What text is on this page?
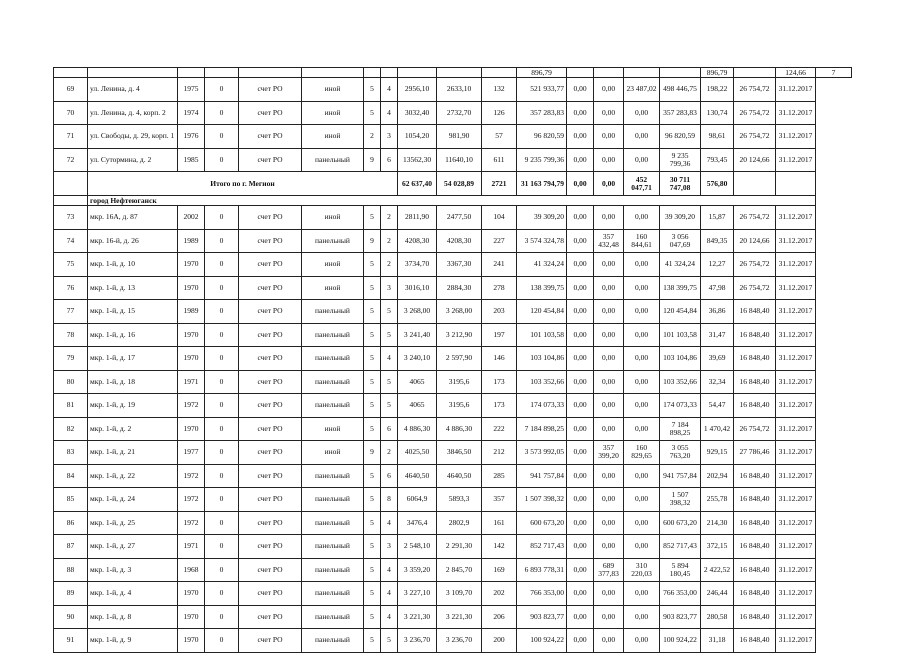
											896,79					896,79		124,66	7
69	ул. Ленина, д. 4	1975	0	счет РО	иной	5	4	2956,10	2633,10	132	521 933,77	0,00	0,00	23 487,02	498 446,75	198,22	26 754,72	31.12.2017	
70	ул. Ленина, д. 4, корп. 2	1974	0	счет РО	иной	5	4	3032,40	2732,70	126	357 283,83	0,00	0,00	0,00	357 283,83	130,74	26 754,72	31.12.2017	
71	ул. Свободы, д. 29, корп. 1	1976	0	счет РО	иной	2	3	1054,20	981,90	57	96 820,59	0,00	0,00	0,00	96 820,59	98,61	26 754,72	31.12.2017	
72	ул. Сутормина, д. 2	1985	0	счет РО	панельный	9	6	13562,30	11640,10	611	9 235 799,36	0,00	0,00	0,00	9 235 799,36	793,45	20 124,66	31.12.2017	
	Итого по г. Мегион							62 637,40	54 028,89	2721	31 163 794,79	0,00	0,00	452 047,71	30 711 747,08	576,80			
	город Нефтеюганск																		
73	мкр. 16А, д. 87	2002	0	счет РО	иной	5	2	2811,90	2477,50	104	39 309,20	0,00	0,00	0,00	39 309,20	15,87	26 754,72	31.12.2017	
74	мкр. 16-й, д. 26	1989	0	счет РО	панельный	9	2	4208,30	4208,30	227	3 574 324,78	0,00	357 432,48	160 844,61	3 056 047,69	849,35	20 124,66	31.12.2017	
75	мкр. 1-й, д. 10	1970	0	счет РО	иной	5	2	3734,70	3367,30	241	41 324,24	0,00	0,00	0,00	41 324,24	12,27	26 754,72	31.12.2017	
76	мкр. 1-й, д. 13	1970	0	счет РО	иной	5	3	3016,10	2884,30	278	138 399,75	0,00	0,00	0,00	138 399,75	47,98	26 754,72	31.12.2017	
77	мкр. 1-й, д. 15	1989	0	счет РО	панельный	5	5	3 268,00	3 268,00	203	120 454,84	0,00	0,00	0,00	120 454,84	36,86	16 848,40	31.12.2017	
78	мкр. 1-й, д. 16	1970	0	счет РО	панельный	5	5	3 241,40	3 212,90	197	101 103,58	0,00	0,00	0,00	101 103,58	31,47	16 848,40	31.12.2017	
79	мкр. 1-й, д. 17	1970	0	счет РО	панельный	5	4	3 240,10	2 597,90	146	103 104,86	0,00	0,00	0,00	103 104,86	39,69	16 848,40	31.12.2017	
80	мкр. 1-й, д. 18	1971	0	счет РО	панельный	5	5	4065	3195,6	173	103 352,66	0,00	0,00	0,00	103 352,66	32,34	16 848,40	31.12.2017	
81	мкр. 1-й, д. 19	1972	0	счет РО	панельный	5	5	4065	3195,6	173	174 073,33	0,00	0,00	0,00	174 073,33	54,47	16 848,40	31.12.2017	
82	мкр. 1-й, д. 2	1970	0	счет РО	иной	5	6	4 886,30	4 886,30	222	7 184 898,25	0,00	0,00	0,00	7 184 898,25	1 470,42	26 754,72	31.12.2017	
83	мкр. 1-й, д. 21	1977	0	счет РО	иной	9	2	4025,50	3846,50	212	3 573 992,05	0,00	357 399,20	160 829,65	3 055 763,20	929,15	27 786,46	31.12.2017	
84	мкр. 1-й, д. 22	1972	0	счет РО	панельный	5	6	4640,50	4640,50	285	941 757,84	0,00	0,00	0,00	941 757,84	202,94	16 848,40	31.12.2017	
85	мкр. 1-й, д. 24	1972	0	счет РО	панельный	5	8	6064,9	5893,3	357	1 507 398,32	0,00	0,00	0,00	1 507 398,32	255,78	16 848,40	31.12.2017	
86	мкр. 1-й, д. 25	1972	0	счет РО	панельный	5	4	3476,4	2802,9	161	600 673,20	0,00	0,00	0,00	600 673,20	214,30	16 848,40	31.12.2017	
87	мкр. 1-й, д. 27	1971	0	счет РО	панельный	5	3	2 548,10	2 291,30	142	852 717,43	0,00	0,00	0,00	852 717,43	372,15	16 848,40	31.12.2017	
88	мкр. 1-й, д. 3	1968	0	счет РО	панельный	5	4	3 359,20	2 845,70	169	6 893 778,31	0,00	689 377,83	310 220,03	5 894 180,45	2 422,52	16 848,40	31.12.2017	
89	мкр. 1-й, д. 4	1970	0	счет РО	панельный	5	4	3 227,10	3 109,70	202	766 353,00	0,00	0,00	0,00	766 353,00	246,44	16 848,40	31.12.2017	
90	мкр. 1-й, д. 8	1970	0	счет РО	панельный	5	4	3 221,30	3 221,30	206	903 823,77	0,00	0,00	0,00	903 823,77	280,58	16 848,40	31.12.2017	
91	мкр. 1-й, д. 9	1970	0	счет РО	панельный	5	5	3 236,70	3 236,70	200	100 924,22	0,00	0,00	0,00	100 924,22	31,18	16 848,40	31.12.2017	
